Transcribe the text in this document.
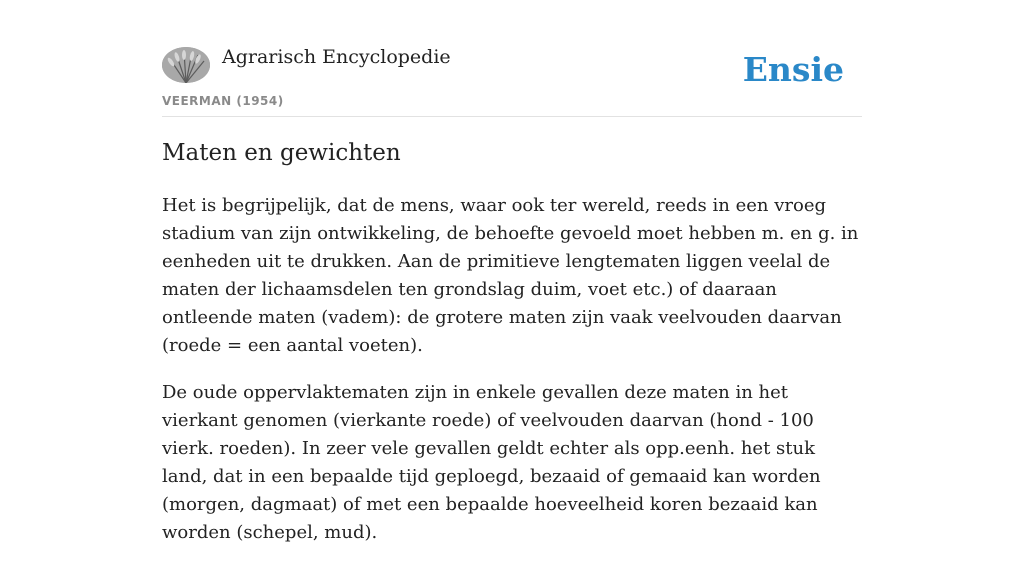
Agrarisch Encyclopedie
VEERMAN (1954)
Ensie
Maten en gewichten

Het is begrijpelijk, dat de mens, waar ook ter wereld, reeds in een vroeg stadium van zijn ontwikkeling, de behoefte gevoeld moet hebben m. en g. in eenheden uit te drukken. Aan de primitieve lengtematen liggen veelal de maten der lichaamsdelen ten grondslag duim, voet etc.) of daaraan ontleende maten (vadem): de grotere maten zijn vaak veelvouden daarvan (roede = een aantal voeten).

De oude oppervlaktematen zijn in enkele gevallen deze maten in het vierkant genomen (vierkante roede) of veelvouden daarvan (hond - 100 vierk. roeden). In zeer vele gevallen geldt echter als opp.eenh. het stuk land, dat in een bepaalde tijd geploegd, bezaaid of gemaaid kan worden (morgen, dagmaat) of met een bepaalde hoeveelheid koren bezaaid kan worden (schepel, mud).
